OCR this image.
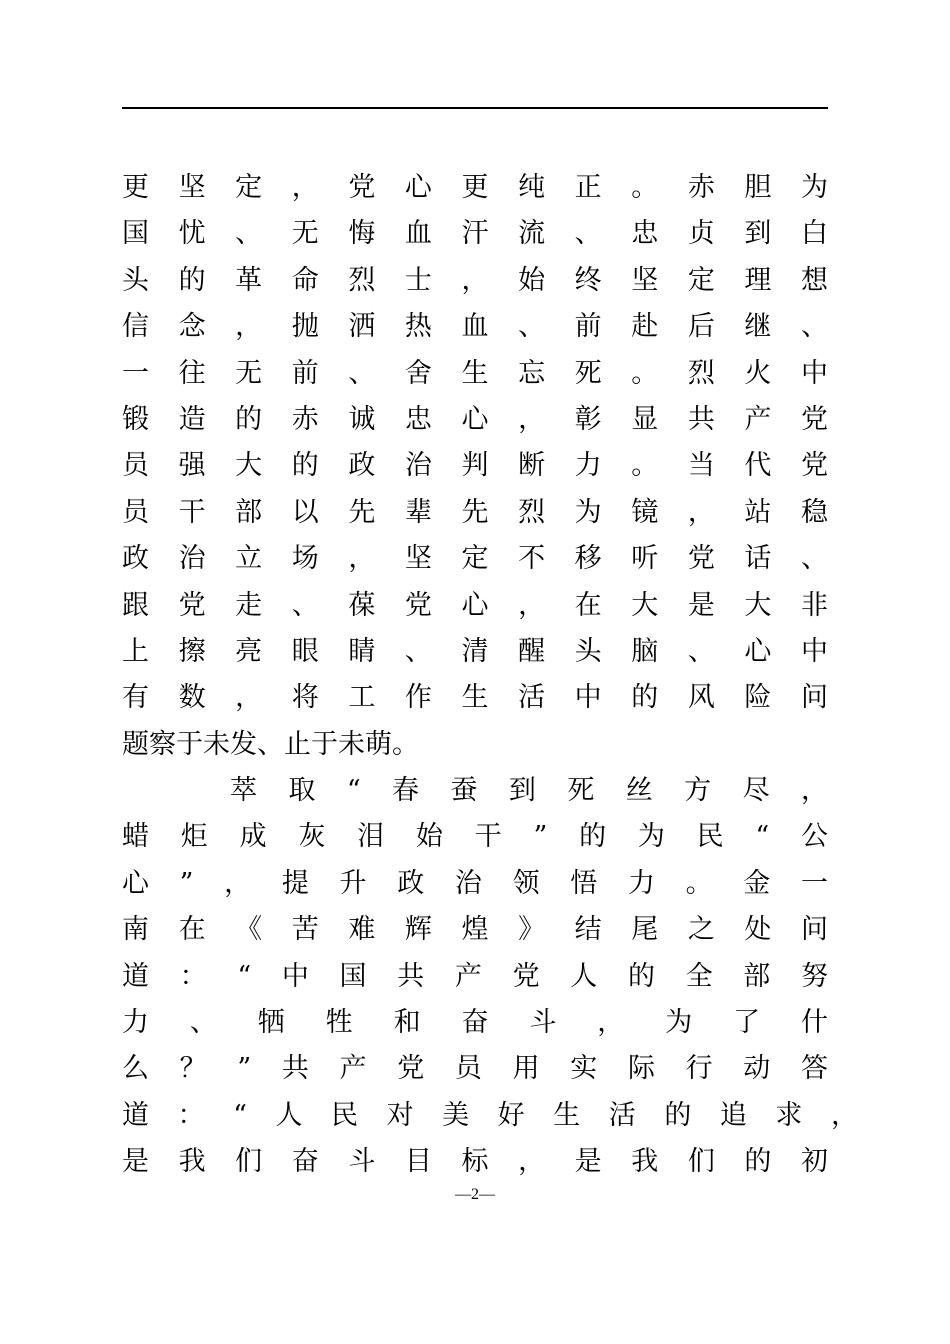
更坚定，党心更纯正。赤胆为
国忧、无悔血汗流、忠贞到白
头的革命烈士，始终坚定理想
信念，抛洒热血、前赴后继、
一往无前、舍生忘死。烈火中
锻造的赤诚忠心，彰显共产党
员强大的政治判断力。当代党
员干部以先辈先烈为镜，站稳
政治立场，坚定不移听党话、
跟党走、葆党心，在大是大非
上擦亮眼睛、清醒头脑、心中
有数，将工作生活中的风险问
题察于未发、止于未萌。
萃取“春蚕到死丝方尽，
蜡炬成灰泪始干”的为民“公
心”，提升政治领悟力。金一
南在《苦难辉煌》结尾之处问
道：“中国共产党人的全部努
力、牺牲和奋斗，为了什
么？”共产党员用实际行动答
道：“人民对美好生活的追求，
是我们奋斗目标，是我们的初
—2—
